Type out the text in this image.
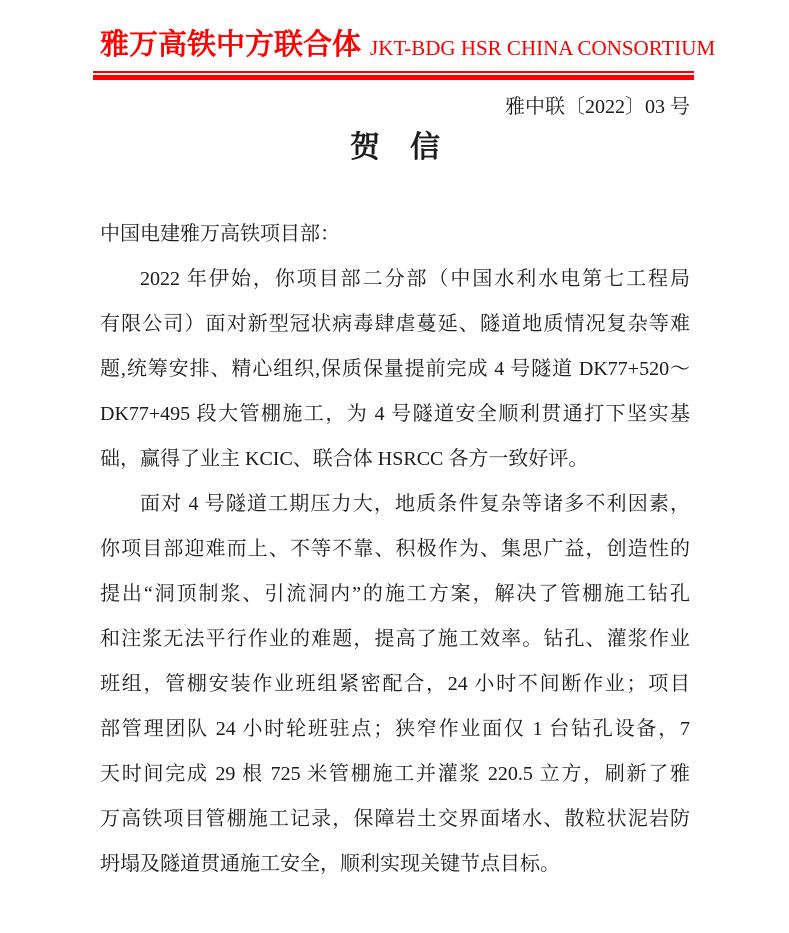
雅万高铁中方联合体 JKT-BDG HSR CHINA CONSORTIUM
雅中联〔2022〕03 号
贺　信
中国电建雅万高铁项目部：
2022 年伊始，你项目部二分部（中国水利水电第七工程局
有限公司）面对新型冠状病毒肆虐蔓延、隧道地质情况复杂等难
题,统筹安排、精心组织,保质保量提前完成 4 号隧道 DK77+520～
DK77+495 段大管棚施工，为 4 号隧道安全顺利贯通打下坚实基
础，赢得了业主 KCIC、联合体 HSRCC 各方一致好评。
面对 4 号隧道工期压力大，地质条件复杂等诸多不利因素，
你项目部迎难而上、不等不靠、积极作为、集思广益，创造性的
提出“洞顶制浆、引流洞内”的施工方案，解决了管棚施工钻孔
和注浆无法平行作业的难题，提高了施工效率。钻孔、灌浆作业
班组，管棚安装作业班组紧密配合，24 小时不间断作业；项目
部管理团队 24 小时轮班驻点；狭窄作业面仅 1 台钻孔设备，7
天时间完成 29 根 725 米管棚施工并灌浆 220.5 立方，刷新了雅
万高铁项目管棚施工记录，保障岩土交界面堵水、散粒状泥岩防
坍塌及隧道贯通施工安全，顺利实现关键节点目标。
